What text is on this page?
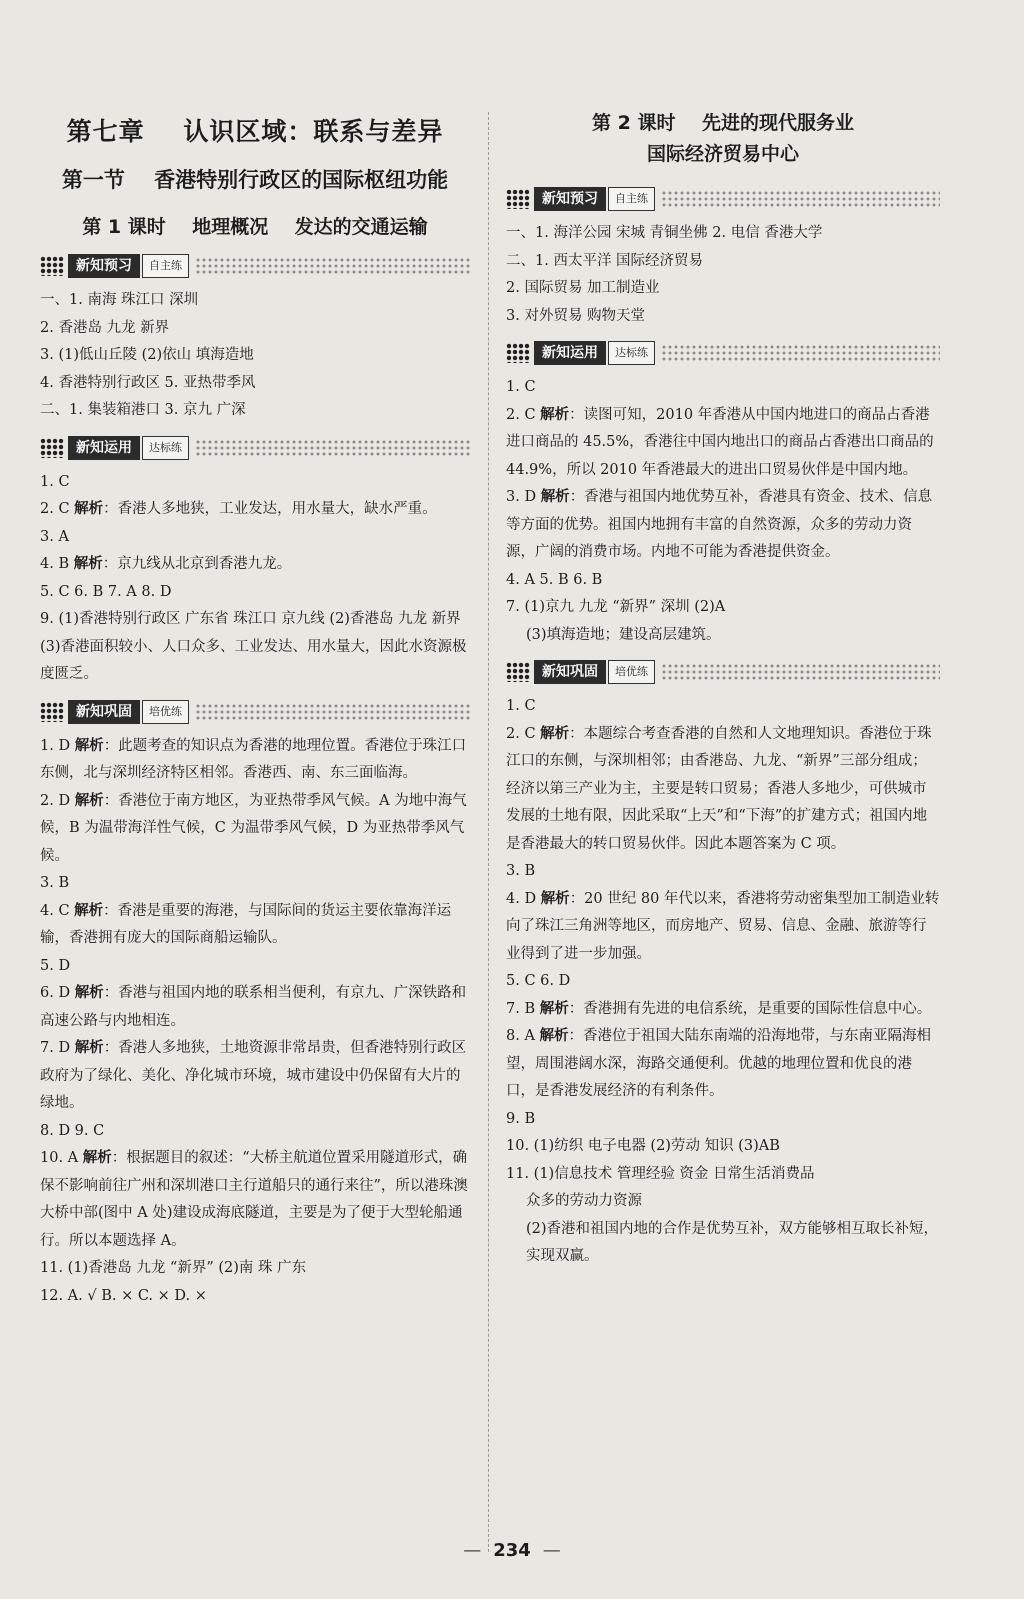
第七章    认识区域：联系与差异
第一节    香港特别行政区的国际枢纽功能
第 1 课时    地理概况    发达的交通运输
新知预习	自主练

一、1. 南海 珠江口 深圳

2. 香港岛 九龙 新界

3. (1)低山丘陵 (2)依山 填海造地

4. 香港特别行政区 5. 亚热带季风

二、1. 集装箱港口 3. 京九 广深

新知运用	达标练

1. C

2. C 解析：香港人多地狭，工业发达，用水量大，缺水严重。

3. A

4. B 解析：京九线从北京到香港九龙。

5. C 6. B 7. A 8. D

9. (1)香港特别行政区 广东省 珠江口 京九线 (2)香港岛 九龙 新界 (3)香港面积较小、人口众多、工业发达、用水量大，因此水资源极度匮乏。

新知巩固	培优练

1. D 解析：此题考查的知识点为香港的地理位置。香港位于珠江口东侧，北与深圳经济特区相邻。香港西、南、东三面临海。

2. D 解析：香港位于南方地区，为亚热带季风气候。A 为地中海气候，B 为温带海洋性气候，C 为温带季风气候，D 为亚热带季风气候。

3. B

4. C 解析：香港是重要的海港，与国际间的货运主要依靠海洋运输，香港拥有庞大的国际商船运输队。

5. D

6. D 解析：香港与祖国内地的联系相当便利，有京九、广深铁路和高速公路与内地相连。

7. D 解析：香港人多地狭，土地资源非常昂贵，但香港特别行政区政府为了绿化、美化、净化城市环境，城市建设中仍保留有大片的绿地。

8. D 9. C

10. A 解析：根据题目的叙述：“大桥主航道位置采用隧道形式，确保不影响前往广州和深圳港口主行道船只的通行来往”，所以港珠澳大桥中部(图中 A 处)建设成海底隧道，主要是为了便于大型轮船通行。所以本题选择 A。

11. (1)香港岛 九龙 “新界” (2)南 珠 广东

12. A. √ B. × C. × D. ×

第 2 课时    先进的现代服务业
国际经济贸易中心
新知预习	自主练

一、1. 海洋公园 宋城 青铜坐佛 2. 电信 香港大学

二、1. 西太平洋 国际经济贸易

2. 国际贸易 加工制造业

3. 对外贸易 购物天堂

新知运用	达标练

1. C

2. C 解析：读图可知，2010 年香港从中国内地进口的商品占香港进口商品的 45.5%，香港往中国内地出口的商品占香港出口商品的 44.9%，所以 2010 年香港最大的进出口贸易伙伴是中国内地。

3. D 解析：香港与祖国内地优势互补，香港具有资金、技术、信息等方面的优势。祖国内地拥有丰富的自然资源，众多的劳动力资源，广阔的消费市场。内地不可能为香港提供资金。

4. A 5. B 6. B

7. (1)京九 九龙 “新界” 深圳 (2)A

(3)填海造地；建设高层建筑。

新知巩固	培优练

1. C

2. C 解析：本题综合考查香港的自然和人文地理知识。香港位于珠江口的东侧，与深圳相邻；由香港岛、九龙、“新界”三部分组成；经济以第三产业为主，主要是转口贸易；香港人多地少，可供城市发展的土地有限，因此采取“上天”和“下海”的扩建方式；祖国内地是香港最大的转口贸易伙伴。因此本题答案为 C 项。

3. B

4. D 解析：20 世纪 80 年代以来，香港将劳动密集型加工制造业转向了珠江三角洲等地区，而房地产、贸易、信息、金融、旅游等行业得到了进一步加强。

5. C 6. D

7. B 解析：香港拥有先进的电信系统，是重要的国际性信息中心。

8. A 解析：香港位于祖国大陆东南端的沿海地带，与东南亚隔海相望，周围港阔水深，海路交通便利。优越的地理位置和优良的港口，是香港发展经济的有利条件。

9. B

10. (1)纺织 电子电器 (2)劳动 知识 (3)AB

11. (1)信息技术 管理经验 资金 日常生活消费品

众多的劳动力资源

(2)香港和祖国内地的合作是优势互补，双方能够相互取长补短，实现双赢。

— 234 —
